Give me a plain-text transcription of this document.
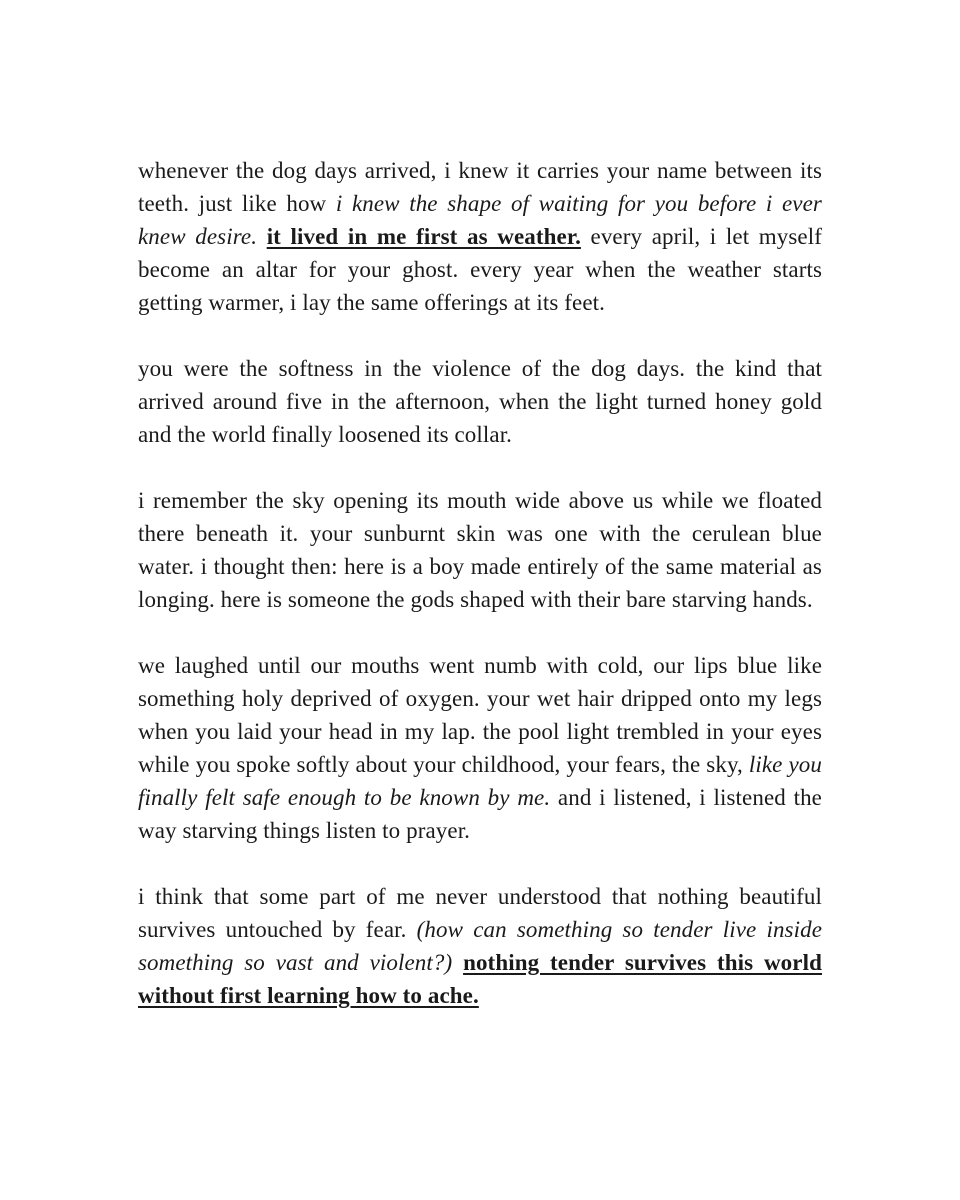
whenever the dog days arrived, i knew it carries your name between its teeth. just like how i knew the shape of waiting for you before i ever knew desire. it lived in me first as weather. every april, i let myself become an altar for your ghost. every year when the weather starts getting warmer, i lay the same offerings at its feet.

you were the softness in the violence of the dog days. the kind that arrived around five in the afternoon, when the light turned honey gold and the world finally loosened its collar.

i remember the sky opening its mouth wide above us while we floated there beneath it. your sunburnt skin was one with the cerulean blue water. i thought then: here is a boy made entirely of the same material as longing. here is someone the gods shaped with their bare starving hands.

we laughed until our mouths went numb with cold, our lips blue like something holy deprived of oxygen. your wet hair dripped onto my legs when you laid your head in my lap. the pool light trembled in your eyes while you spoke softly about your childhood, your fears, the sky, like you finally felt safe enough to be known by me. and i listened, i listened the way starving things listen to prayer.

i think that some part of me never understood that nothing beautiful survives untouched by fear. (how can something so tender live inside something so vast and violent?) nothing tender survives this world without first learning how to ache.
